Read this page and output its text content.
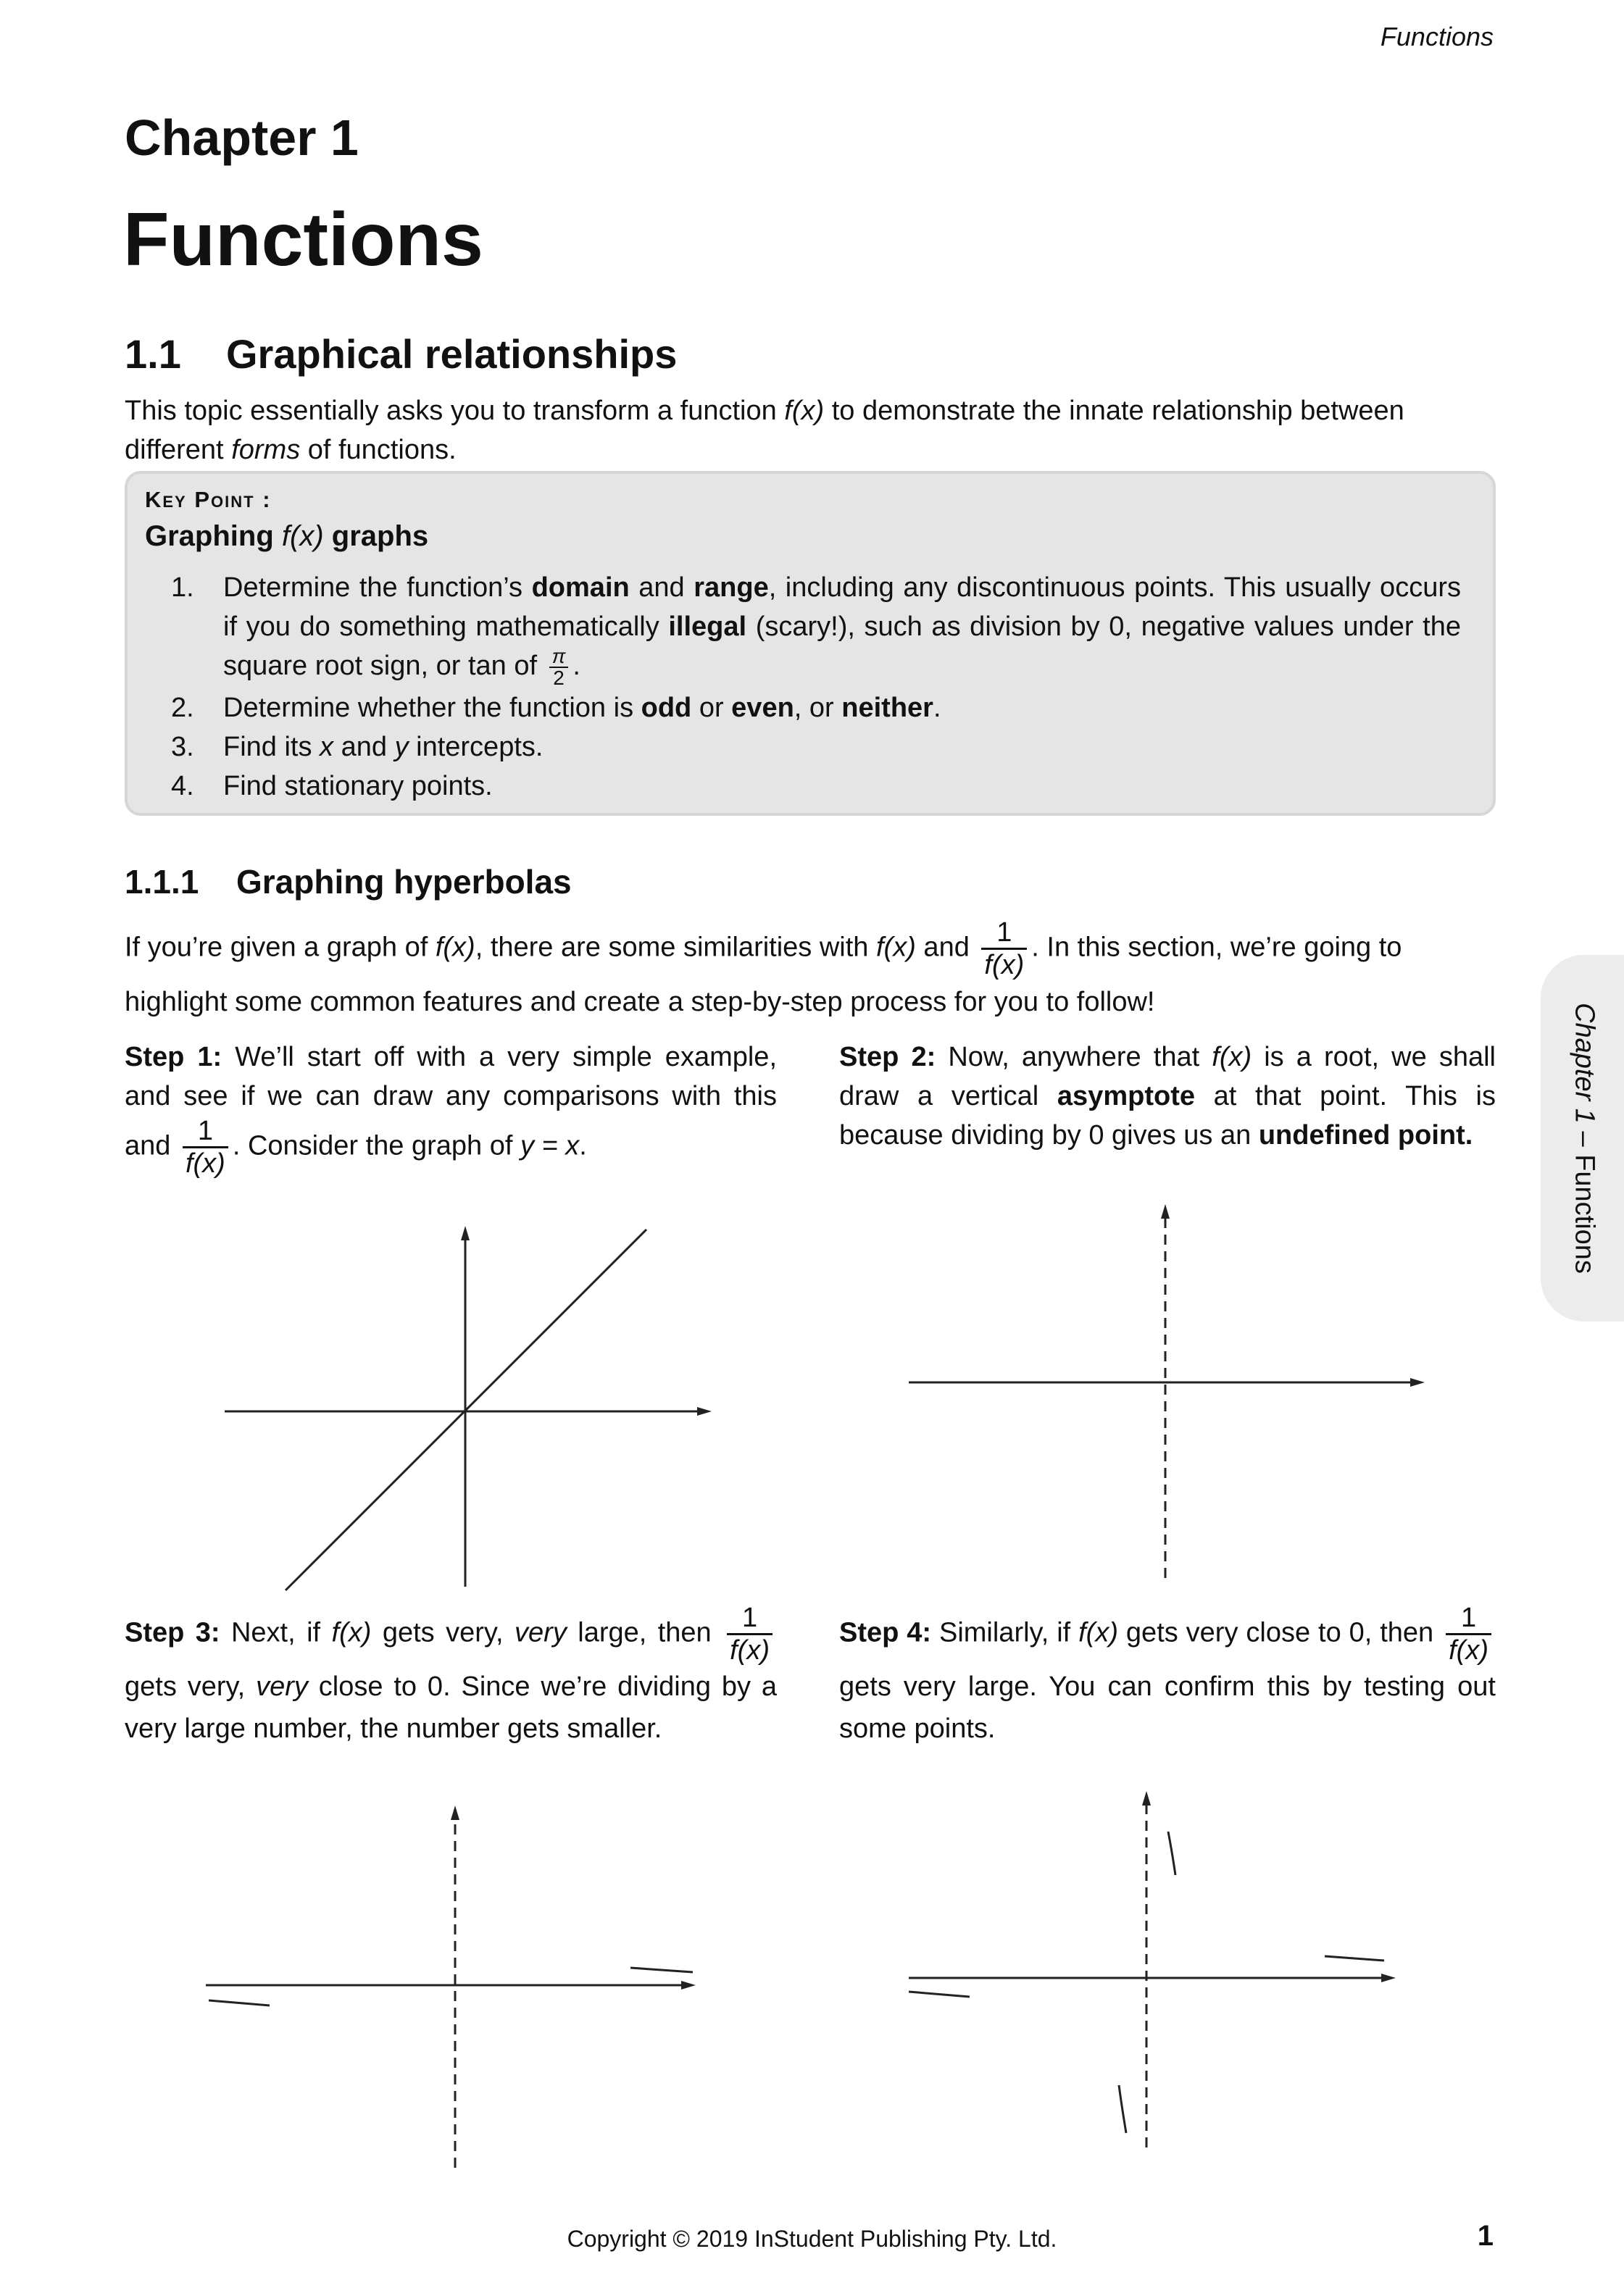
Functions
Chapter 1
Functions
1.1 Graphical relationships
This topic essentially asks you to transform a function f(x) to demonstrate the innate relationship between different forms of functions.
Key Point :
Graphing f(x) graphs
1. Determine the function’s domain and range, including any discontinuous points. This usually occurs if you do something mathematically illegal (scary!), such as division by 0, negative values under the square root sign, or tan of $\frac{\pi}{2}$ .
2. Determine whether the function is odd or even, or neither.
3. Find its x and y intercepts.
4. Find stationary points.
1.1.1 Graphing hyperbolas
If you’re given a graph of f(x), there are some similarities with f(x) and $\frac{1}{f(x)}$ . In this section, we’re going to highlight some common features and create a step-by-step process for you to follow!
Step 1: We’ll start off with a very simple example, and see if we can draw any comparisons with this and $\frac{1}{f(x)}$ . Consider the graph of y = x.
Step 2: Now, anywhere that f(x) is a root, we shall draw a vertical asymptote at that point. This is because dividing by 0 gives us an undefined point.
Step 3: Next, if f(x) gets very, very large, then $\frac{1}{f(x)}$
gets very, very close to 0. Since we’re dividing by a very large number, the number gets smaller.
Step 4: Similarly, if f(x) gets very close to 0, then $\frac{1}{f(x)}$
gets very large. You can confirm this by testing out some points.
Chapter 1 – Functions
Copyright © 2019 InStudent Publishing Pty. Ltd.	1
